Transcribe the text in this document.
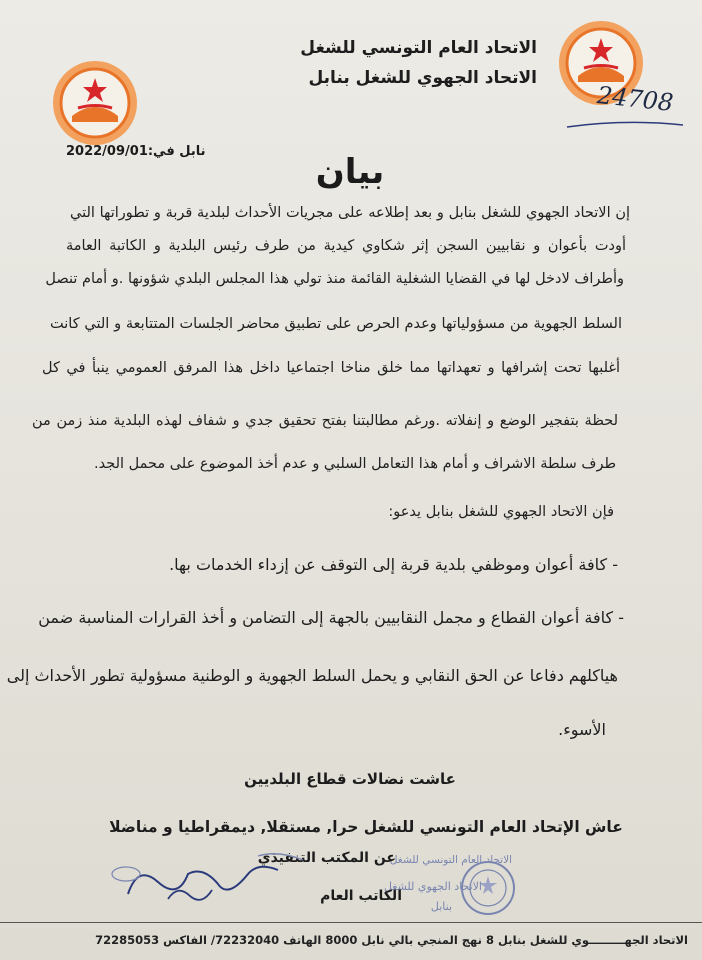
الاتحاد العام التونسي للشغل
الاتحاد الجهوي للشغل بنابل
24708
نابل في:2022/09/01
بيان
إن الاتحاد الجهوي للشغل بنابل و بعد إطلاعه على مجريات الأحداث لبلدية قربة و تطوراتها التي
أودت بأعوان و نقابيين السجن إثر شكاوي كيدية من طرف رئيس البلدية و الكاتبة العامة
وأطراف لادخل لها في القضايا الشغلية القائمة منذ تولي هذا المجلس البلدي شؤونها .و أمام تنصل
السلط الجهوية من مسؤولياتها وعدم الحرص على تطبيق محاضر الجلسات المتتابعة و التي كانت
أغلبها تحت إشرافها و تعهداتها مما خلق مناخا اجتماعيا داخل هذا المرفق العمومي ينبأ في كل
لحظة بتفجير الوضع و إنفلاته .ورغم مطالبتنا بفتح تحقيق جدي و شفاف لهذه البلدية منذ زمن من
طرف سلطة الاشراف و أمام هذا التعامل السلبي و عدم أخذ الموضوع على محمل الجد.
فإن الاتحاد الجهوي للشغل بنابل يدعو:
- كافة أعوان وموظفي بلدية قربة إلى التوقف عن إزداء الخدمات بها.
- كافة أعوان القطاع و مجمل النقابيين بالجهة إلى التضامن و أخذ القرارات المناسبة ضمن
هياكلهم دفاعا عن الحق النقابي و يحمل السلط الجهوية و الوطنية مسؤولية تطور الأحداث إلى
الأسوء.
عاشت نضالات قطاع البلديين
عاش الإتحاد العام التونسي للشغل حرا, مستقلا, ديمقراطيا و مناضلا
الاتحاد العام التونسي للشغل
الاتحاد الجهوي للشغل
بنابل
عن المكتب التنفيذي
الكاتب العام
الاتحاد الجهـــــــــوي للشغل بنابل 8 نهج المنجي بالي نابل 8000 الهاتف 72232040/ الفاكس 72285053
